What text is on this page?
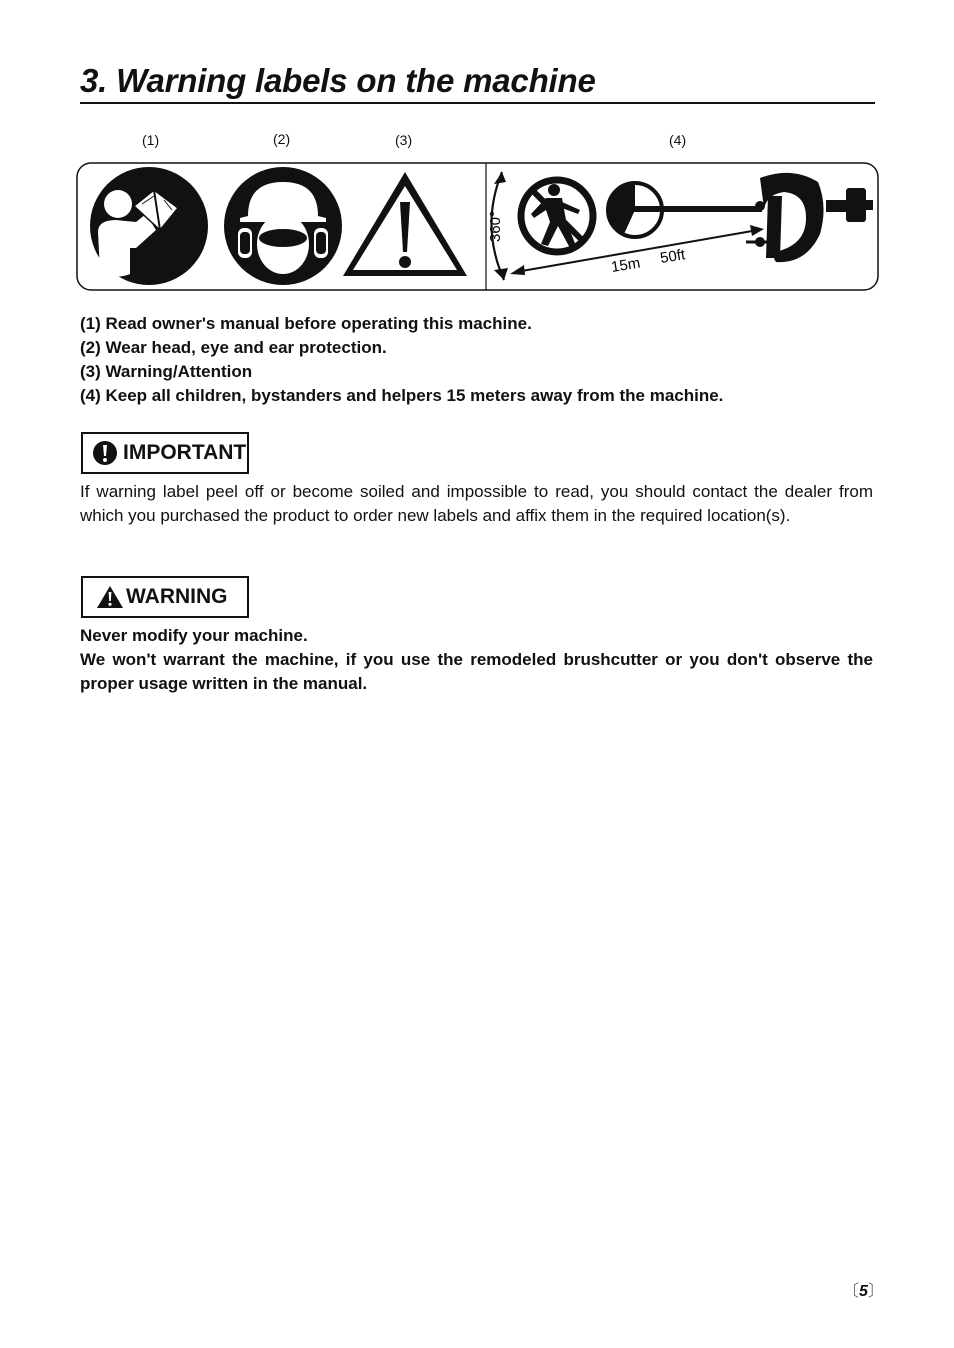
3. Warning labels on the machine
(1)	(2)	(3)	(4)
360°
15m 50ft
(1) Read owner's manual before operating this machine.
(2) Wear head, eye and ear protection.
(3) Warning/Attention
(4) Keep all children, bystanders and helpers 15 meters away from the machine.
IMPORTANT
If warning label peel off or become soiled and impossible to read, you should contact the dealer from which you purchased the product to order new labels and affix them in the required location(s).
WARNING
Never modify your machine.
We won't warrant the machine, if you use the remodeled brushcutter or you don't observe the proper usage written in the manual.
〔5〕
